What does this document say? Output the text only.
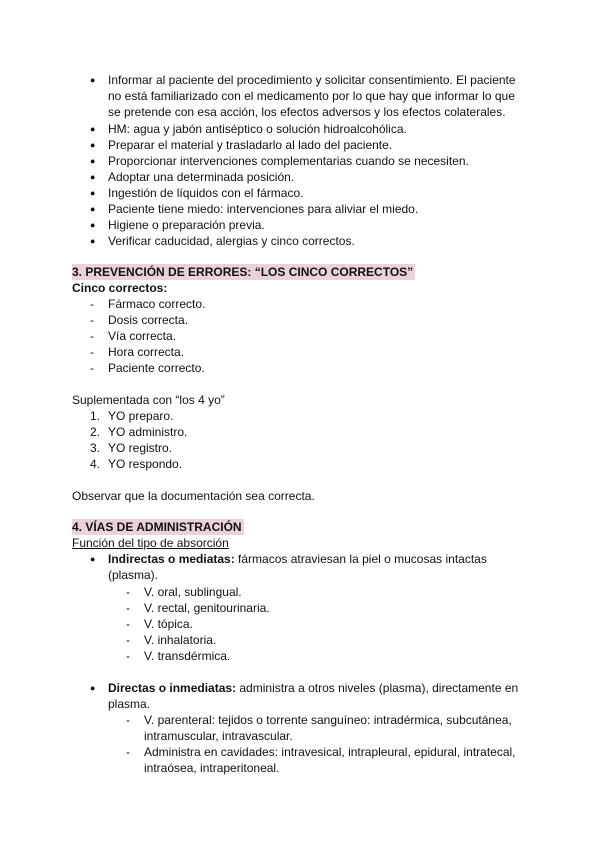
● Informar al paciente del procedimiento y solicitar consentimiento. El paciente
no está familiarizado con el medicamento por lo que hay que informar lo que
se pretende con esa acción, los efectos adversos y los efectos colaterales.
● HM: agua y jabón antiséptico o solución hidroalcohólica.
● Preparar el material y trasladarlo al lado del paciente.
● Proporcionar intervenciones complementarias cuando se necesiten.
● Adoptar una determinada posición.
● Ingestión de líquidos con el fármaco.
● Paciente tiene miedo: intervenciones para aliviar el miedo.
● Higiene o preparación previa.
● Verificar caducidad, alergias y cinco correctos.
3. PREVENCIÓN DE ERRORES: “LOS CINCO CORRECTOS”
Cinco correctos:
- Fármaco correcto.
- Dosis correcta.
- Vía correcta.
- Hora correcta.
- Paciente correcto.
Suplementada con “los 4 yo”
1. YO preparo.
2. YO administro.
3. YO registro.
4. YO respondo.
Observar que la documentación sea correcta.
4. VÍAS DE ADMINISTRACIÓN
Función del tipo de absorción
● Indirectas o mediatas: fármacos atraviesan la piel o mucosas intactas
(plasma).
- V. oral, sublingual.
- V. rectal, genitourinaria.
- V. tópica.
- V. inhalatoria.
- V. transdérmica.
● Directas o inmediatas: administra a otros niveles (plasma), directamente en
plasma.
- V. parenteral: tejidos o torrente sanguíneo: intradérmica, subcutánea,
intramuscular, intravascular.
- Administra en cavidades: intravesical, intrapleural, epidural, intratecal,
intraósea, intraperitoneal.
